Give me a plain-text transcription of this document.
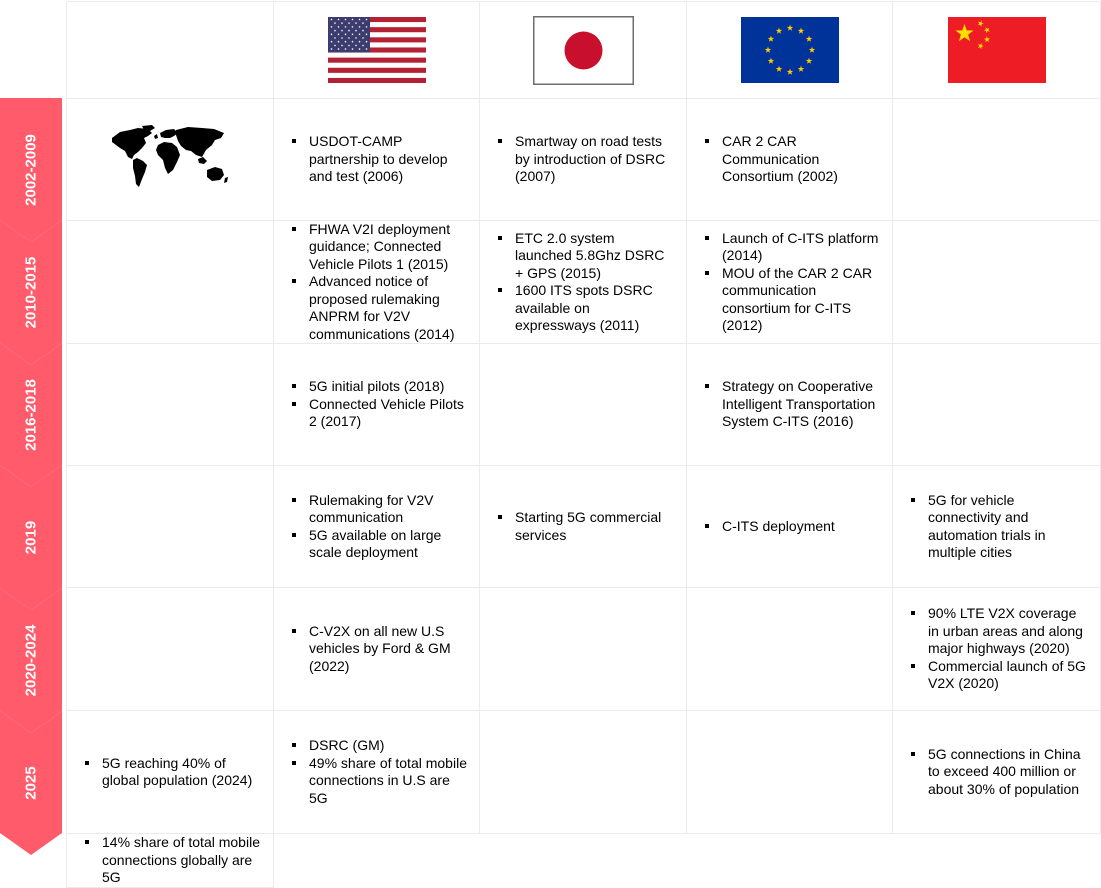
2002-2009
2010-2015
2016-2018
2019
2020-2024
2025
USDOT-CAMP partnership to develop and test (2006)
Smartway on road tests by introduction of DSRC (2007)
CAR 2 CAR Communication Consortium (2002)
FHWA V2I deployment guidance; Connected Vehicle Pilots 1 (2015)
Advanced notice of proposed rulemaking ANPRM for V2V communications (2014)
ETC 2.0 system launched 5.8Ghz DSRC + GPS (2015)
1600 ITS spots DSRC available on expressways (2011)
Launch of C-ITS platform (2014)
MOU of the CAR 2 CAR communication consortium for C-ITS (2012)
5G initial pilots (2018)
Connected Vehicle Pilots 2 (2017)
Strategy on Cooperative Intelligent Transportation System C-ITS (2016)
Rulemaking for V2V communication
5G available on large scale deployment
Starting 5G commercial services
C-ITS deployment
5G for vehicle connectivity and automation trials in multiple cities
C-V2X on all new U.S vehicles by Ford & GM (2022)
90% LTE V2X coverage in urban areas and along major highways (2020)
Commercial launch of 5G V2X (2020)
5G reaching 40% of global population (2024)
DSRC (GM)
49% share of total mobile connections in U.S are 5G
5G connections in China to exceed 400 million or about 30% of population
14% share of total mobile connections globally are 5G
